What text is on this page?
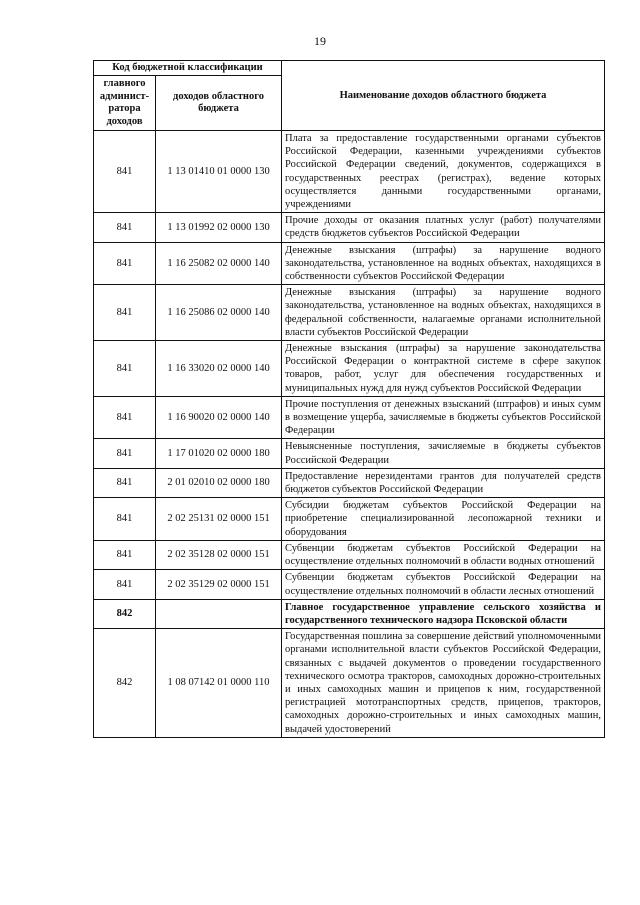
19
Код бюджетной классификации		Наименование доходов областного бюджета
главного админист-ратора доходов	доходов областного бюджета	
841	1 13 01410 01 0000 130	Плата за предоставление государственными органами субъектов Российской Федерации, казенными учреждениями субъектов Российской Федерации сведений, документов, содержащихся в государственных реестрах (регистрах), ведение которых осуществляется данными государственными органами, учреждениями
841	1 13 01992 02 0000 130	Прочие доходы от оказания платных услуг (работ) получателями средств бюджетов субъектов Российской Федерации
841	1 16 25082 02 0000 140	Денежные взыскания (штрафы) за нарушение водного законодательства, установленное на водных объектах, находящихся в собственности субъектов Российской Федерации
841	1 16 25086 02 0000 140	Денежные взыскания (штрафы) за нарушение водного законодательства, установленное на водных объектах, находящихся в федеральной собственности, налагаемые органами исполнительной власти субъектов Российской Федерации
841	1 16 33020 02 0000 140	Денежные взыскания (штрафы) за нарушение законодательства Российской Федерации о контрактной системе в сфере закупок товаров, работ, услуг для обеспечения государственных и муниципальных нужд для нужд субъектов Российской Федерации
841	1 16 90020 02 0000 140	Прочие поступления от денежных взысканий (штрафов) и иных сумм в возмещение ущерба, зачисляемые в бюджеты субъектов Российской Федерации
841	1 17 01020 02 0000 180	Невыясненные поступления, зачисляемые в бюджеты субъектов Российской Федерации
841	2 01 02010 02 0000 180	Предоставление нерезидентами грантов для получателей средств бюджетов субъектов Российской Федерации
841	2 02 25131 02 0000 151	Субсидии бюджетам субъектов Российской Федерации на приобретение специализированной лесопожарной техники и оборудования
841	2 02 35128 02 0000 151	Субвенции бюджетам субъектов Российской Федерации на осуществление отдельных полномочий в области водных отношений
841	2 02 35129 02 0000 151	Субвенции бюджетам субъектов Российской Федерации на осуществление отдельных полномочий в области лесных отношений
842		Главное государственное управление сельского хозяйства и государственного технического надзора Псковской области
842	1 08 07142 01 0000 110	Государственная пошлина за совершение действий уполномоченными органами исполнительной власти субъектов Российской Федерации, связанных с выдачей документов о проведении государственного технического осмотра тракторов, самоходных дорожно-строительных и иных самоходных машин и прицепов к ним, государственной регистрацией мототранспортных средств, прицепов, тракторов, самоходных дорожно-строительных и иных самоходных машин, выдачей удостоверений
